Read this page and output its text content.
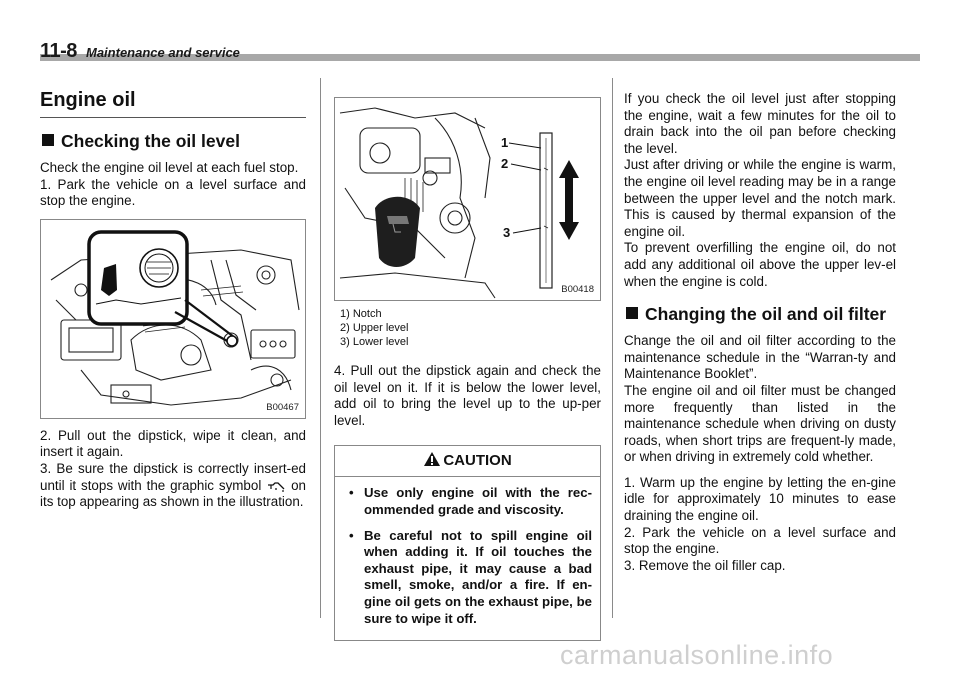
11-8 Maintenance and service
Engine oil
Checking the oil level

Check the engine oil level at each fuel stop.

1. Park the vehicle on a level surface and stop the engine.

B00467

2. Pull out the dipstick, wipe it clean, and insert it again.

3. Be sure the dipstick is correctly insert-ed until it stops with the graphic symbol on its top appearing as shown in the illustration.

1
2
3
B00418
1) Notch
2) Upper level
3) Lower level

4. Pull out the dipstick again and check the oil level on it. If it is below the lower level, add oil to bring the level up to the up-per level.

CAUTION
• Use only engine oil with the rec-ommended grade and viscosity.
• Be careful not to spill engine oil when adding it. If oil touches the exhaust pipe, it may cause a bad smell, smoke, and/or a fire. If en-gine oil gets on the exhaust pipe, be sure to wipe it off.

If you check the oil level just after stopping the engine, wait a few minutes for the oil to drain back into the oil pan before checking the level.

Just after driving or while the engine is warm, the engine oil level reading may be in a range between the upper level and the notch mark. This is caused by thermal expansion of the engine oil.

To prevent overfilling the engine oil, do not add any additional oil above the upper lev-el when the engine is cold.

Changing the oil and oil filter

Change the oil and oil filter according to the maintenance schedule in the “Warran-ty and Maintenance Booklet”.

The engine oil and oil filter must be changed more frequently than listed in the maintenance schedule when driving on dusty roads, when short trips are frequent-ly made, or when driving in extremely cold whether.

1. Warm up the engine by letting the en-gine idle for approximately 10 minutes to ease draining the engine oil.

2. Park the vehicle on a level surface and stop the engine.

3. Remove the oil filler cap.

carmanualsonline.info
